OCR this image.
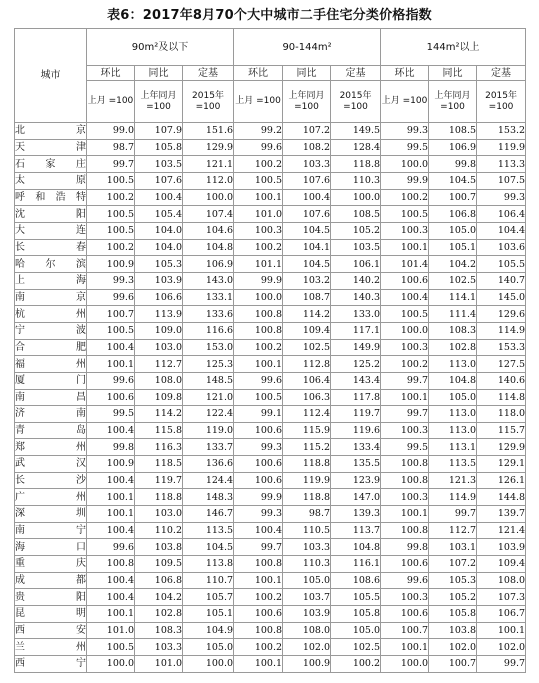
表6：2017年8月70个大中城市二手住宅分类价格指数
城市	90m²及以下			90-144m²			144m²以上		
	环比	同比	定基	环比	同比	定基	环比	同比	定基
	上月 =100	上年同月 =100	2015年 =100	上月 =100	上年同月 =100	2015年 =100	上月 =100	上年同月 =100	2015年 =100
北京	99.0	107.9	151.6	99.2	107.2	149.5	99.3	108.5	153.2
天津	98.7	105.8	129.9	99.6	108.2	128.4	99.5	106.9	119.9
石家庄	99.7	103.5	121.1	100.2	103.3	118.8	100.0	99.8	113.3
太原	100.5	107.6	112.0	100.5	107.6	110.3	99.9	104.5	107.5
呼和浩特	100.2	100.4	100.0	100.1	100.4	100.0	100.2	100.7	99.3
沈阳	100.5	105.4	107.4	101.0	107.6	108.5	100.5	106.8	106.4
大连	100.5	104.0	104.6	100.3	104.5	105.2	100.3	105.0	104.4
长春	100.2	104.0	104.8	100.2	104.1	103.5	100.1	105.1	103.6
哈尔滨	100.9	105.3	106.9	101.1	104.5	106.1	101.4	104.2	105.5
上海	99.3	103.9	143.0	99.9	103.2	140.2	100.6	102.5	140.7
南京	99.6	106.6	133.1	100.0	108.7	140.3	100.4	114.1	145.0
杭州	100.7	113.9	133.6	100.8	114.2	133.0	100.5	111.4	129.6
宁波	100.5	109.0	116.6	100.8	109.4	117.1	100.0	108.3	114.9
合肥	100.4	103.0	153.0	100.2	102.5	149.9	100.3	102.8	153.3
福州	100.1	112.7	125.3	100.1	112.8	125.2	100.2	113.0	127.5
厦门	99.6	108.0	148.5	99.6	106.4	143.4	99.7	104.8	140.6
南昌	100.6	109.8	121.0	100.5	106.3	117.8	100.1	105.0	114.8
济南	99.5	114.2	122.4	99.1	112.4	119.7	99.7	113.0	118.0
青岛	100.4	115.8	119.0	100.6	115.9	119.6	100.3	113.0	115.7
郑州	99.8	116.3	133.7	99.3	115.2	133.4	99.5	113.1	129.9
武汉	100.9	118.5	136.6	100.6	118.8	135.5	100.8	113.5	129.1
长沙	100.4	119.7	124.4	100.6	119.9	123.9	100.8	121.3	126.1
广州	100.1	118.8	148.3	99.9	118.8	147.0	100.3	114.9	144.8
深圳	100.1	103.0	146.7	99.3	98.7	139.3	100.1	99.7	139.7
南宁	100.4	110.2	113.5	100.4	110.5	113.7	100.8	112.7	121.4
海口	99.6	103.8	104.5	99.7	103.3	104.8	99.8	103.1	103.9
重庆	100.8	109.5	113.8	100.8	110.3	116.1	100.6	107.2	109.4
成都	100.4	106.8	110.7	100.1	105.0	108.6	99.6	105.3	108.0
贵阳	100.4	104.2	105.7	100.2	103.7	105.5	100.3	105.2	107.3
昆明	100.1	102.8	105.1	100.6	103.9	105.8	100.6	105.8	106.7
西安	101.0	108.3	104.9	100.8	108.0	105.0	100.7	103.8	100.1
兰州	100.5	103.3	105.0	100.2	102.0	102.5	100.1	102.0	102.0
西宁	100.0	101.0	100.0	100.1	100.9	100.2	100.0	100.7	99.7
